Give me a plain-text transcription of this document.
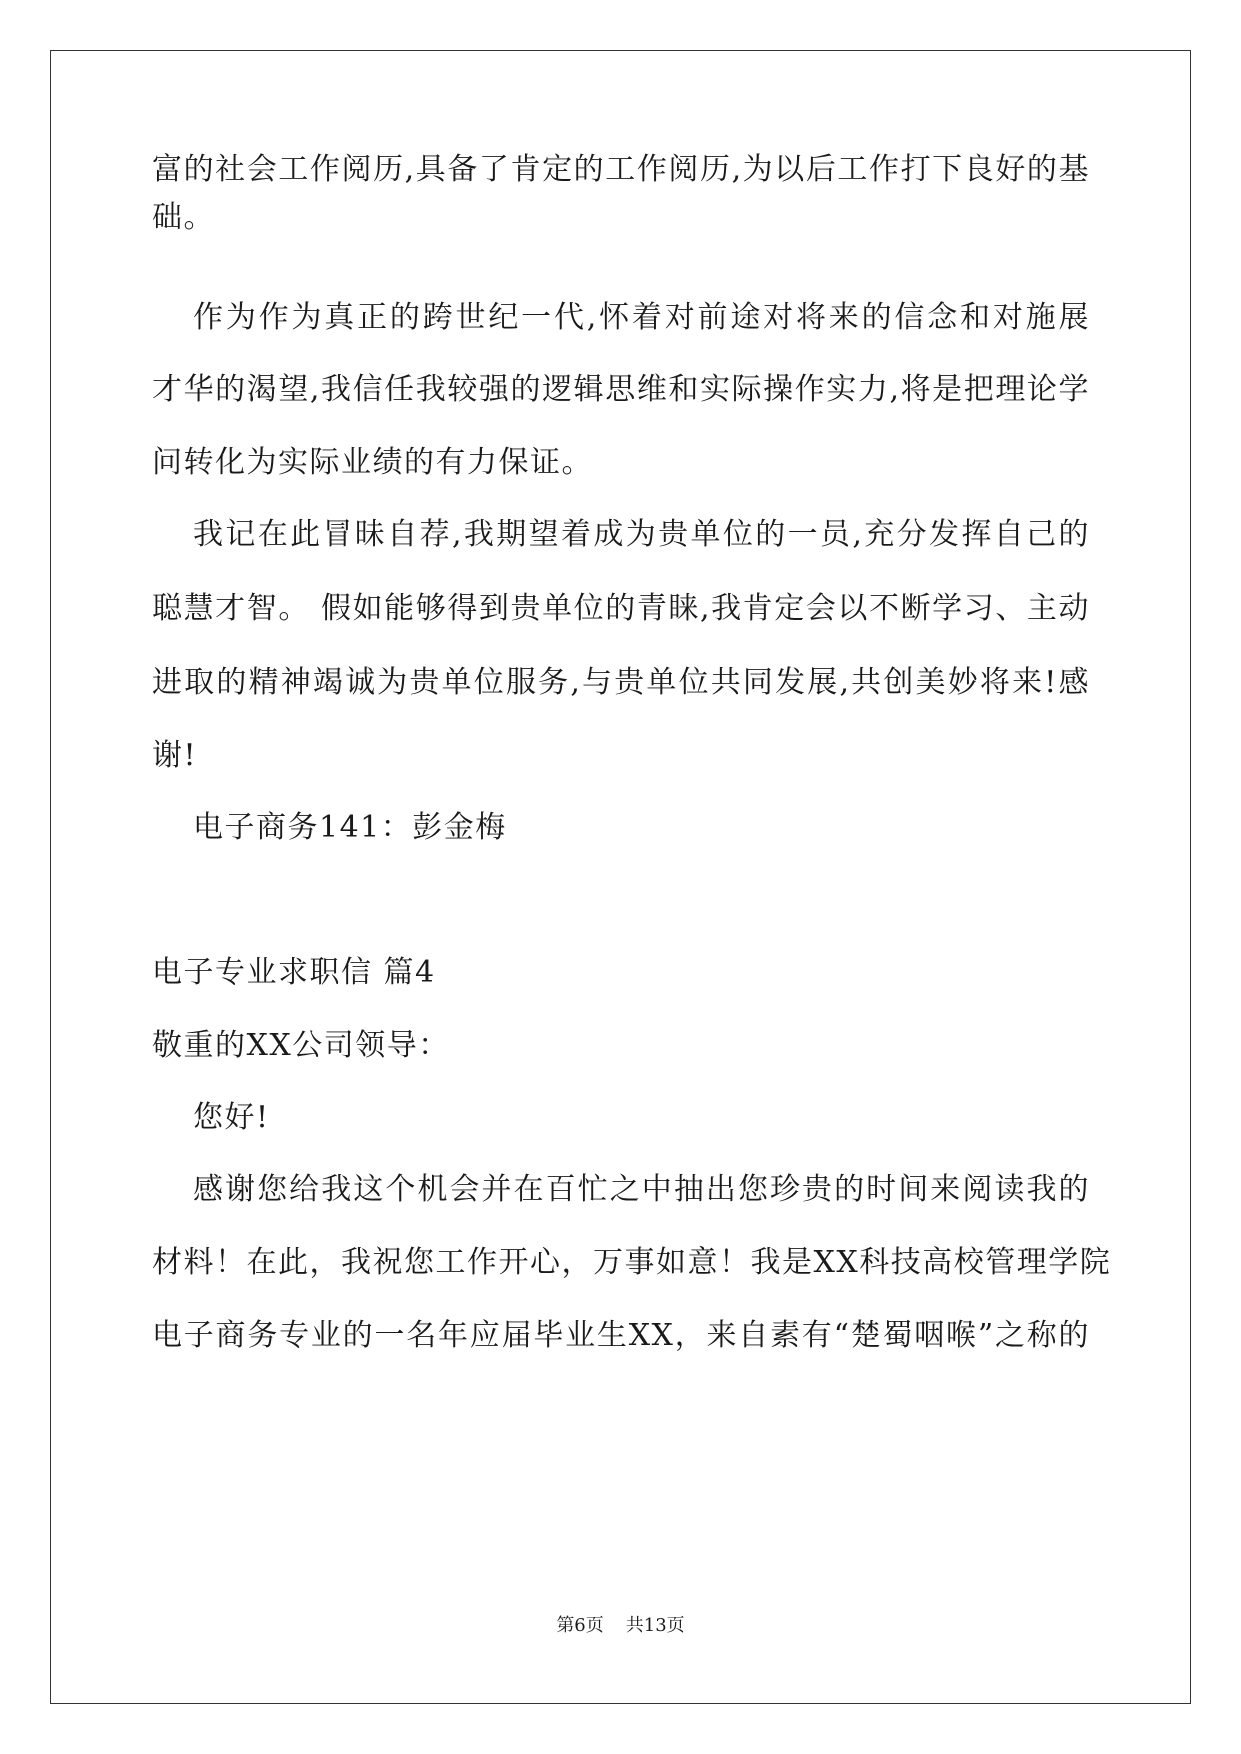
富的社会工作阅历,具备了肯定的工作阅历,为以后工作打下良好的基
础。
作为作为真正的跨世纪一代,怀着对前途对将来的信念和对施展
才华的渴望,我信任我较强的逻辑思维和实际操作实力,将是把理论学
问转化为实际业绩的有力保证。
我记在此冒昧自荐,我期望着成为贵单位的一员,充分发挥自己的
聪慧才智。 假如能够得到贵单位的青睐,我肯定会以不断学习、主动
进取的精神竭诚为贵单位服务,与贵单位共同发展,共创美妙将来!感
谢!
电子商务141：彭金梅
电子专业求职信 篇4
敬重的XX公司领导：
您好!
感谢您给我这个机会并在百忙之中抽出您珍贵的时间来阅读我的
材料！在此，我祝您工作开心，万事如意！我是XX科技高校管理学院
电子商务专业的一名年应届毕业生XX，来自素有“楚蜀咽喉”之称的
第6页 共13页
